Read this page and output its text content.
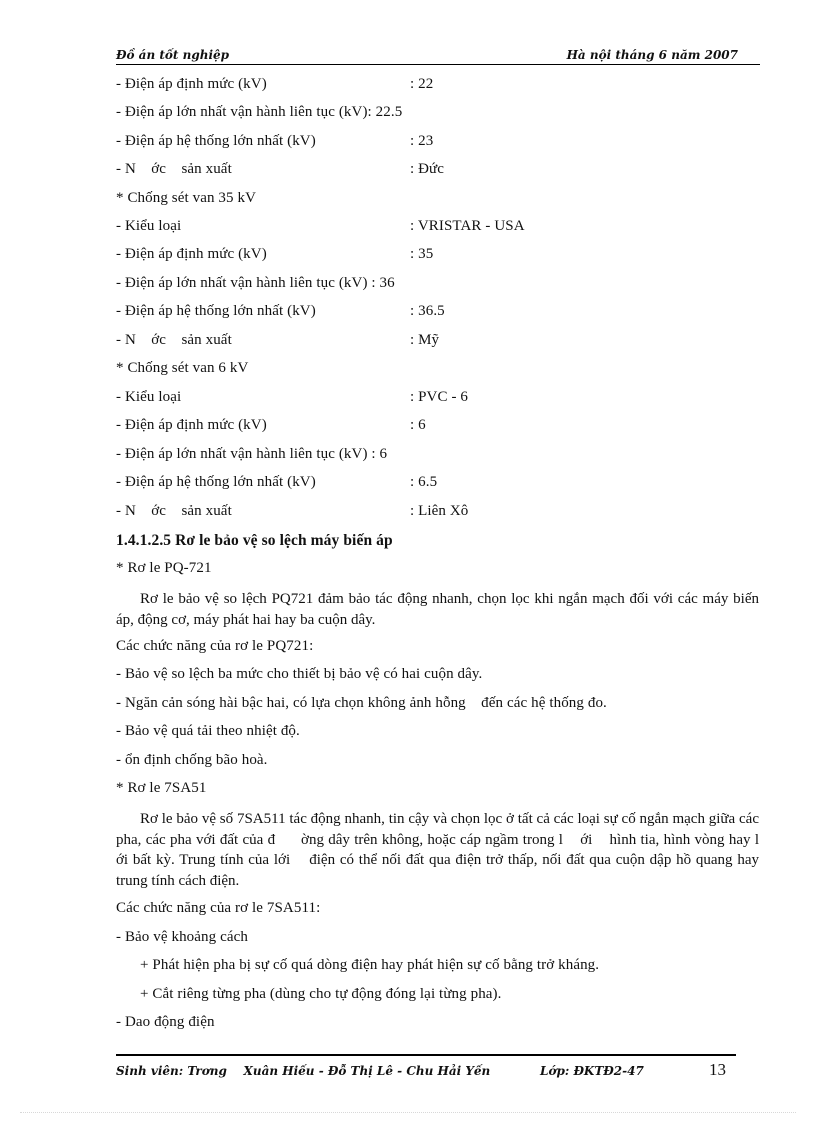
Đồ án tốt nghiệp	Hà nội tháng 6 năm 2007
- Điện áp định mức (kV)	: 22
- Điện áp lớn nhất vận hành liên tục (kV): 22.5
- Điện áp hệ thống lớn nhất (kV)	: 23
- N    ớc    sản xuất	: Đức
* Chống sét van 35 kV
- Kiểu loại	: VRISTAR - USA
- Điện áp định mức (kV)	: 35
- Điện áp lớn nhất vận hành liên tục (kV) : 36
- Điện áp hệ thống lớn nhất (kV)	: 36.5
- N    ớc    sản xuất	: Mỹ
* Chống sét van 6 kV
- Kiểu loại	: PVC - 6
- Điện áp định mức (kV)	: 6
- Điện áp lớn nhất vận hành liên tục (kV) : 6
- Điện áp hệ thống lớn nhất (kV)	: 6.5
- N    ớc    sản xuất	: Liên Xô
1.4.1.2.5 Rơ le bảo vệ so lệch máy biến áp
* Rơ le PQ-721
Rơ le bảo vệ so lệch PQ721 đảm bảo tác động nhanh, chọn lọc khi ngắn mạch đối với các máy biến áp, động cơ, máy phát hai hay ba cuộn dây.
Các chức năng của rơ le PQ721:
- Bảo vệ so lệch ba mức cho thiết bị bảo vệ có hai cuộn dây.
- Ngăn cản sóng hài bậc hai, có lựa chọn không ảnh hỗng    đến các hệ thống đo.
- Bảo vệ quá tải theo nhiệt độ.
- ổn định chống bão hoà.
* Rơ le 7SA51
Rơ le bảo vệ số 7SA511 tác động nhanh, tin cậy và chọn lọc ở tất cả các loại sự cố ngắn mạch giữa các pha, các pha với đất của đ      ờng dây trên không, hoặc cáp ngầm trong l    ới    hình tia, hình vòng hay l      ới bất kỳ. Trung tính của lới    điện có thể nối đất qua điện trở thấp, nối đất qua cuộn dập hồ quang hay trung tính cách điện.
Các chức năng của rơ le 7SA511:
- Bảo vệ khoảng cách
+ Phát hiện pha bị sự cố quá dòng điện hay phát hiện sự cố bằng trở kháng.
+ Cắt riêng từng pha (dùng cho tự động đóng lại từng pha).
- Dao động điện
Sinh viên: Trơng    Xuân Hiếu - Đỗ Thị Lê - Chu Hải Yến	Lớp: ĐKTĐ2-47	13
